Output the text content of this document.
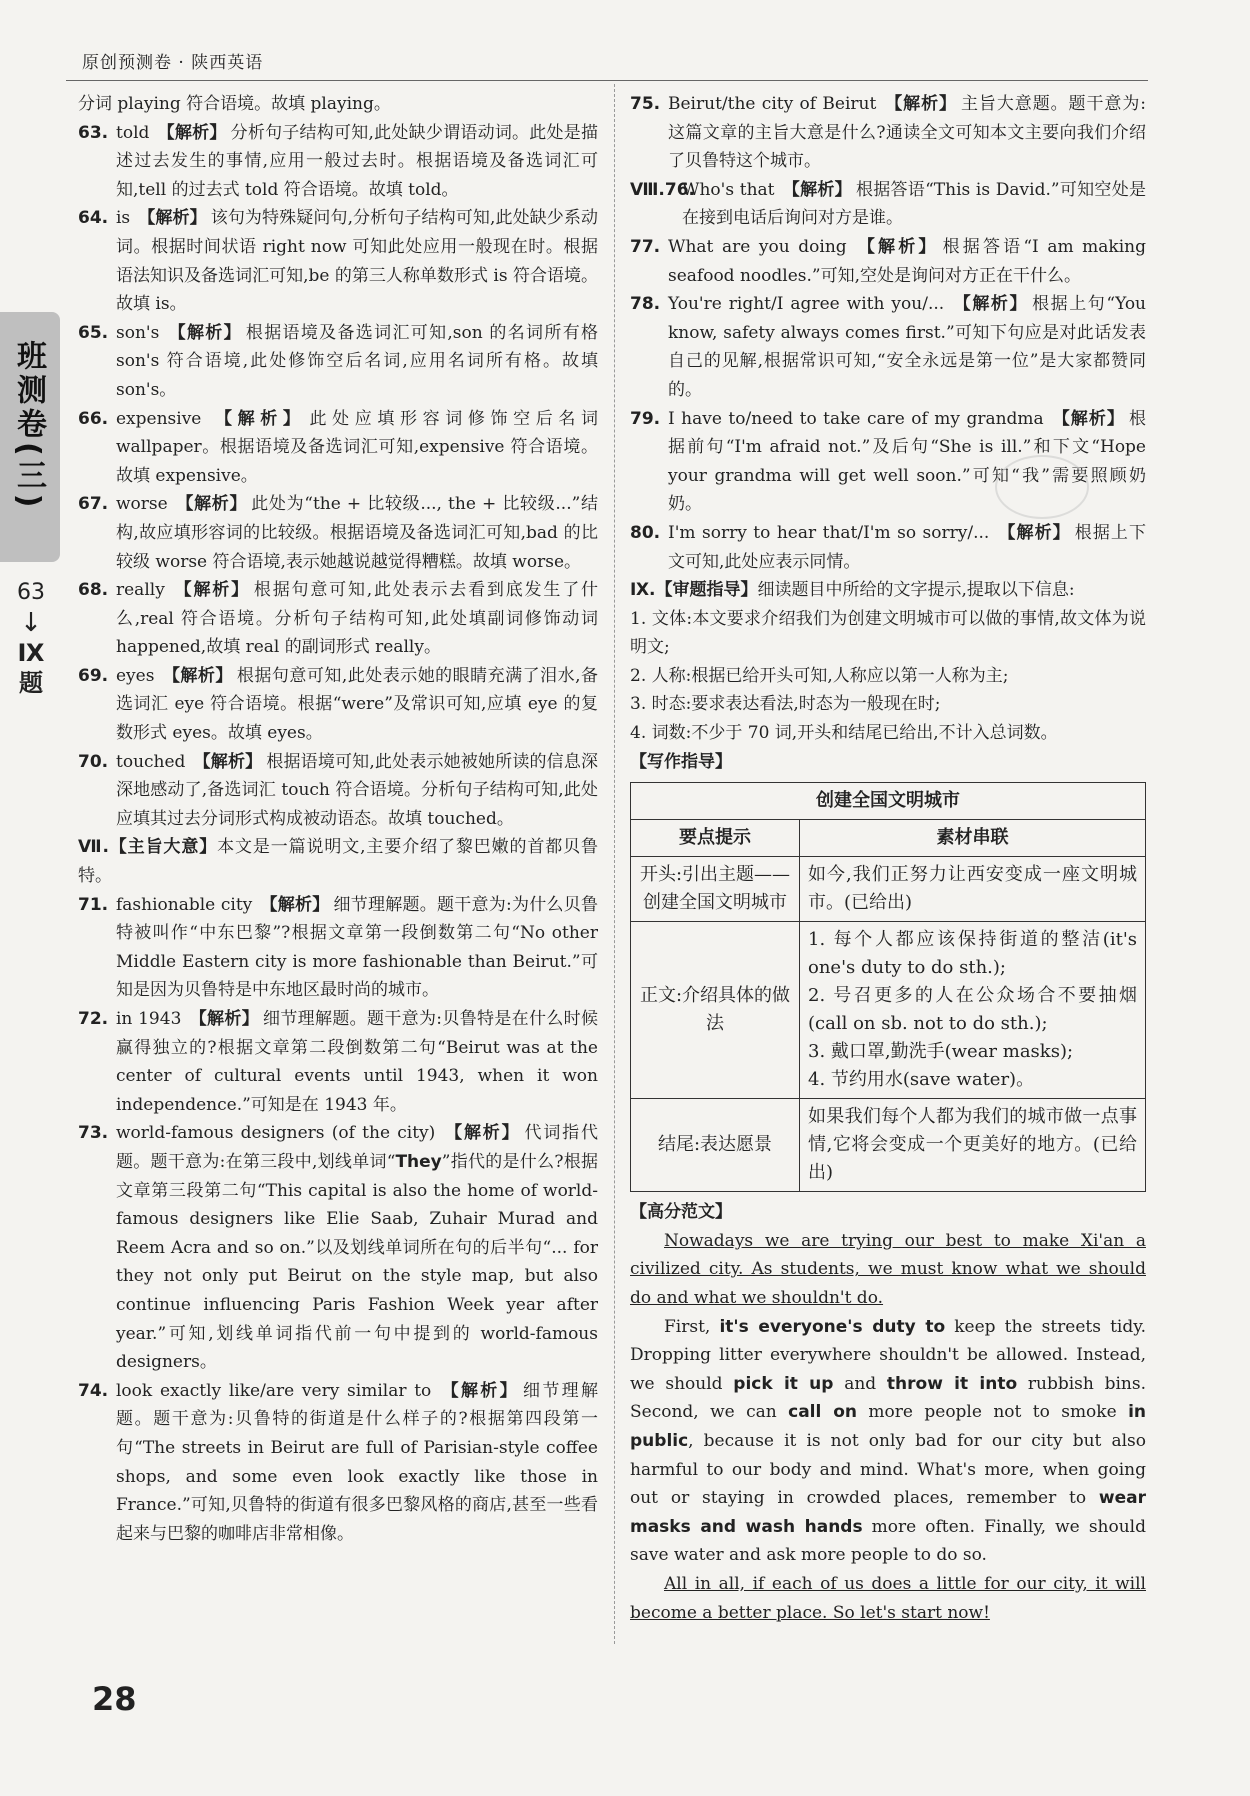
原创预测卷 · 陕西英语
班测卷(三)
63
↓
Ⅸ
题

分词 playing 符合语境。故填 playing。

63. told 【解析】 分析句子结构可知,此处缺少谓语动词。此处是描述过去发生的事情,应用一般过去时。根据语境及备选词汇可知,tell 的过去式 told 符合语境。故填 told。

64. is 【解析】 该句为特殊疑问句,分析句子结构可知,此处缺少系动词。根据时间状语 right now 可知此处应用一般现在时。根据语法知识及备选词汇可知,be 的第三人称单数形式 is 符合语境。故填 is。

65. son's 【解析】 根据语境及备选词汇可知,son 的名词所有格 son's 符合语境,此处修饰空后名词,应用名词所有格。故填 son's。

66. expensive 【解析】 此处应填形容词修饰空后名词 wallpaper。根据语境及备选词汇可知,expensive 符合语境。故填 expensive。

67. worse 【解析】 此处为“the + 比较级..., the + 比较级...”结构,故应填形容词的比较级。根据语境及备选词汇可知,bad 的比较级 worse 符合语境,表示她越说越觉得糟糕。故填 worse。

68. really 【解析】 根据句意可知,此处表示去看到底发生了什么,real 符合语境。分析句子结构可知,此处填副词修饰动词 happened,故填 real 的副词形式 really。

69. eyes 【解析】 根据句意可知,此处表示她的眼睛充满了泪水,备选词汇 eye 符合语境。根据“were”及常识可知,应填 eye 的复数形式 eyes。故填 eyes。

70. touched 【解析】 根据语境可知,此处表示她被她所读的信息深深地感动了,备选词汇 touch 符合语境。分析句子结构可知,此处应填其过去分词形式构成被动语态。故填 touched。

Ⅶ.【主旨大意】本文是一篇说明文,主要介绍了黎巴嫩的首都贝鲁特。

71. fashionable city 【解析】 细节理解题。题干意为:为什么贝鲁特被叫作“中东巴黎”?根据文章第一段倒数第二句“No other Middle Eastern city is more fashionable than Beirut.”可知是因为贝鲁特是中东地区最时尚的城市。

72. in 1943 【解析】 细节理解题。题干意为:贝鲁特是在什么时候赢得独立的?根据文章第二段倒数第二句“Beirut was at the center of cultural events until 1943, when it won independence.”可知是在 1943 年。

73. world-famous designers (of the city) 【解析】 代词指代题。题干意为:在第三段中,划线单词“They”指代的是什么?根据文章第三段第二句“This capital is also the home of world-famous designers like Elie Saab, Zuhair Murad and Reem Acra and so on.”以及划线单词所在句的后半句“... for they not only put Beirut on the style map, but also continue influencing Paris Fashion Week year after year.”可知,划线单词指代前一句中提到的 world-famous designers。

74. look exactly like/are very similar to 【解析】 细节理解题。题干意为:贝鲁特的街道是什么样子的?根据第四段第一句“The streets in Beirut are full of Parisian-style coffee shops, and some even look exactly like those in France.”可知,贝鲁特的街道有很多巴黎风格的商店,甚至一些看起来与巴黎的咖啡店非常相像。

75. Beirut/the city of Beirut 【解析】 主旨大意题。题干意为:这篇文章的主旨大意是什么?通读全文可知本文主要向我们介绍了贝鲁特这个城市。

Ⅷ.76.
Who's that 【解析】 根据答语“This is David.”可知空处是在接到电话后询问对方是谁。

77. What are you doing 【解析】 根据答语“I am making seafood noodles.”可知,空处是询问对方正在干什么。

78. You're right/I agree with you/... 【解析】 根据上句“You know, safety always comes first.”可知下句应是对此话发表自己的见解,根据常识可知,“安全永远是第一位”是大家都赞同的。

79. I have to/need to take care of my grandma 【解析】 根据前句“I'm afraid not.”及后句“She is ill.”和下文“Hope your grandma will get well soon.”可知“我”需要照顾奶奶。

80. I'm sorry to hear that/I'm so sorry/... 【解析】 根据上下文可知,此处应表示同情。

Ⅸ.【审题指导】细读题目中所给的文字提示,提取以下信息:

1. 文体:本文要求介绍我们为创建文明城市可以做的事情,故文体为说明文;

2. 人称:根据已给开头可知,人称应以第一人称为主;

3. 时态:要求表达看法,时态为一般现在时;

4. 词数:不少于 70 词,开头和结尾已给出,不计入总词数。

【写作指导】

创建全国文明城市	
要点提示	素材串联
开头:引出主题——创建全国文明城市	如今,我们正努力让西安变成一座文明城市。(已给出)

正文:介绍具体的做法	1. 每个人都应该保持街道的整洁(it's one's duty to do sth.);
2. 号召更多的人在公众场合不要抽烟(call on sb. not to do sth.);
3. 戴口罩,勤洗手(wear masks);
4. 节约用水(save water)。

结尾:表达愿景	如果我们每个人都为我们的城市做一点事情,它将会变成一个更美好的地方。(已给出)

【高分范文】

Nowadays we are trying our best to make Xi'an a civilized city. As students, we must know what we should do and what we shouldn't do.

First, it's everyone's duty to keep the streets tidy. Dropping litter everywhere shouldn't be allowed. Instead, we should pick it up and throw it into rubbish bins. Second, we can call on more people not to smoke in public, because it is not only bad for our city but also harmful to our body and mind. What's more, when going out or staying in crowded places, remember to wear masks and wash hands more often. Finally, we should save water and ask more people to do so.

All in all, if each of us does a little for our city, it will become a better place. So let's start now!

28
